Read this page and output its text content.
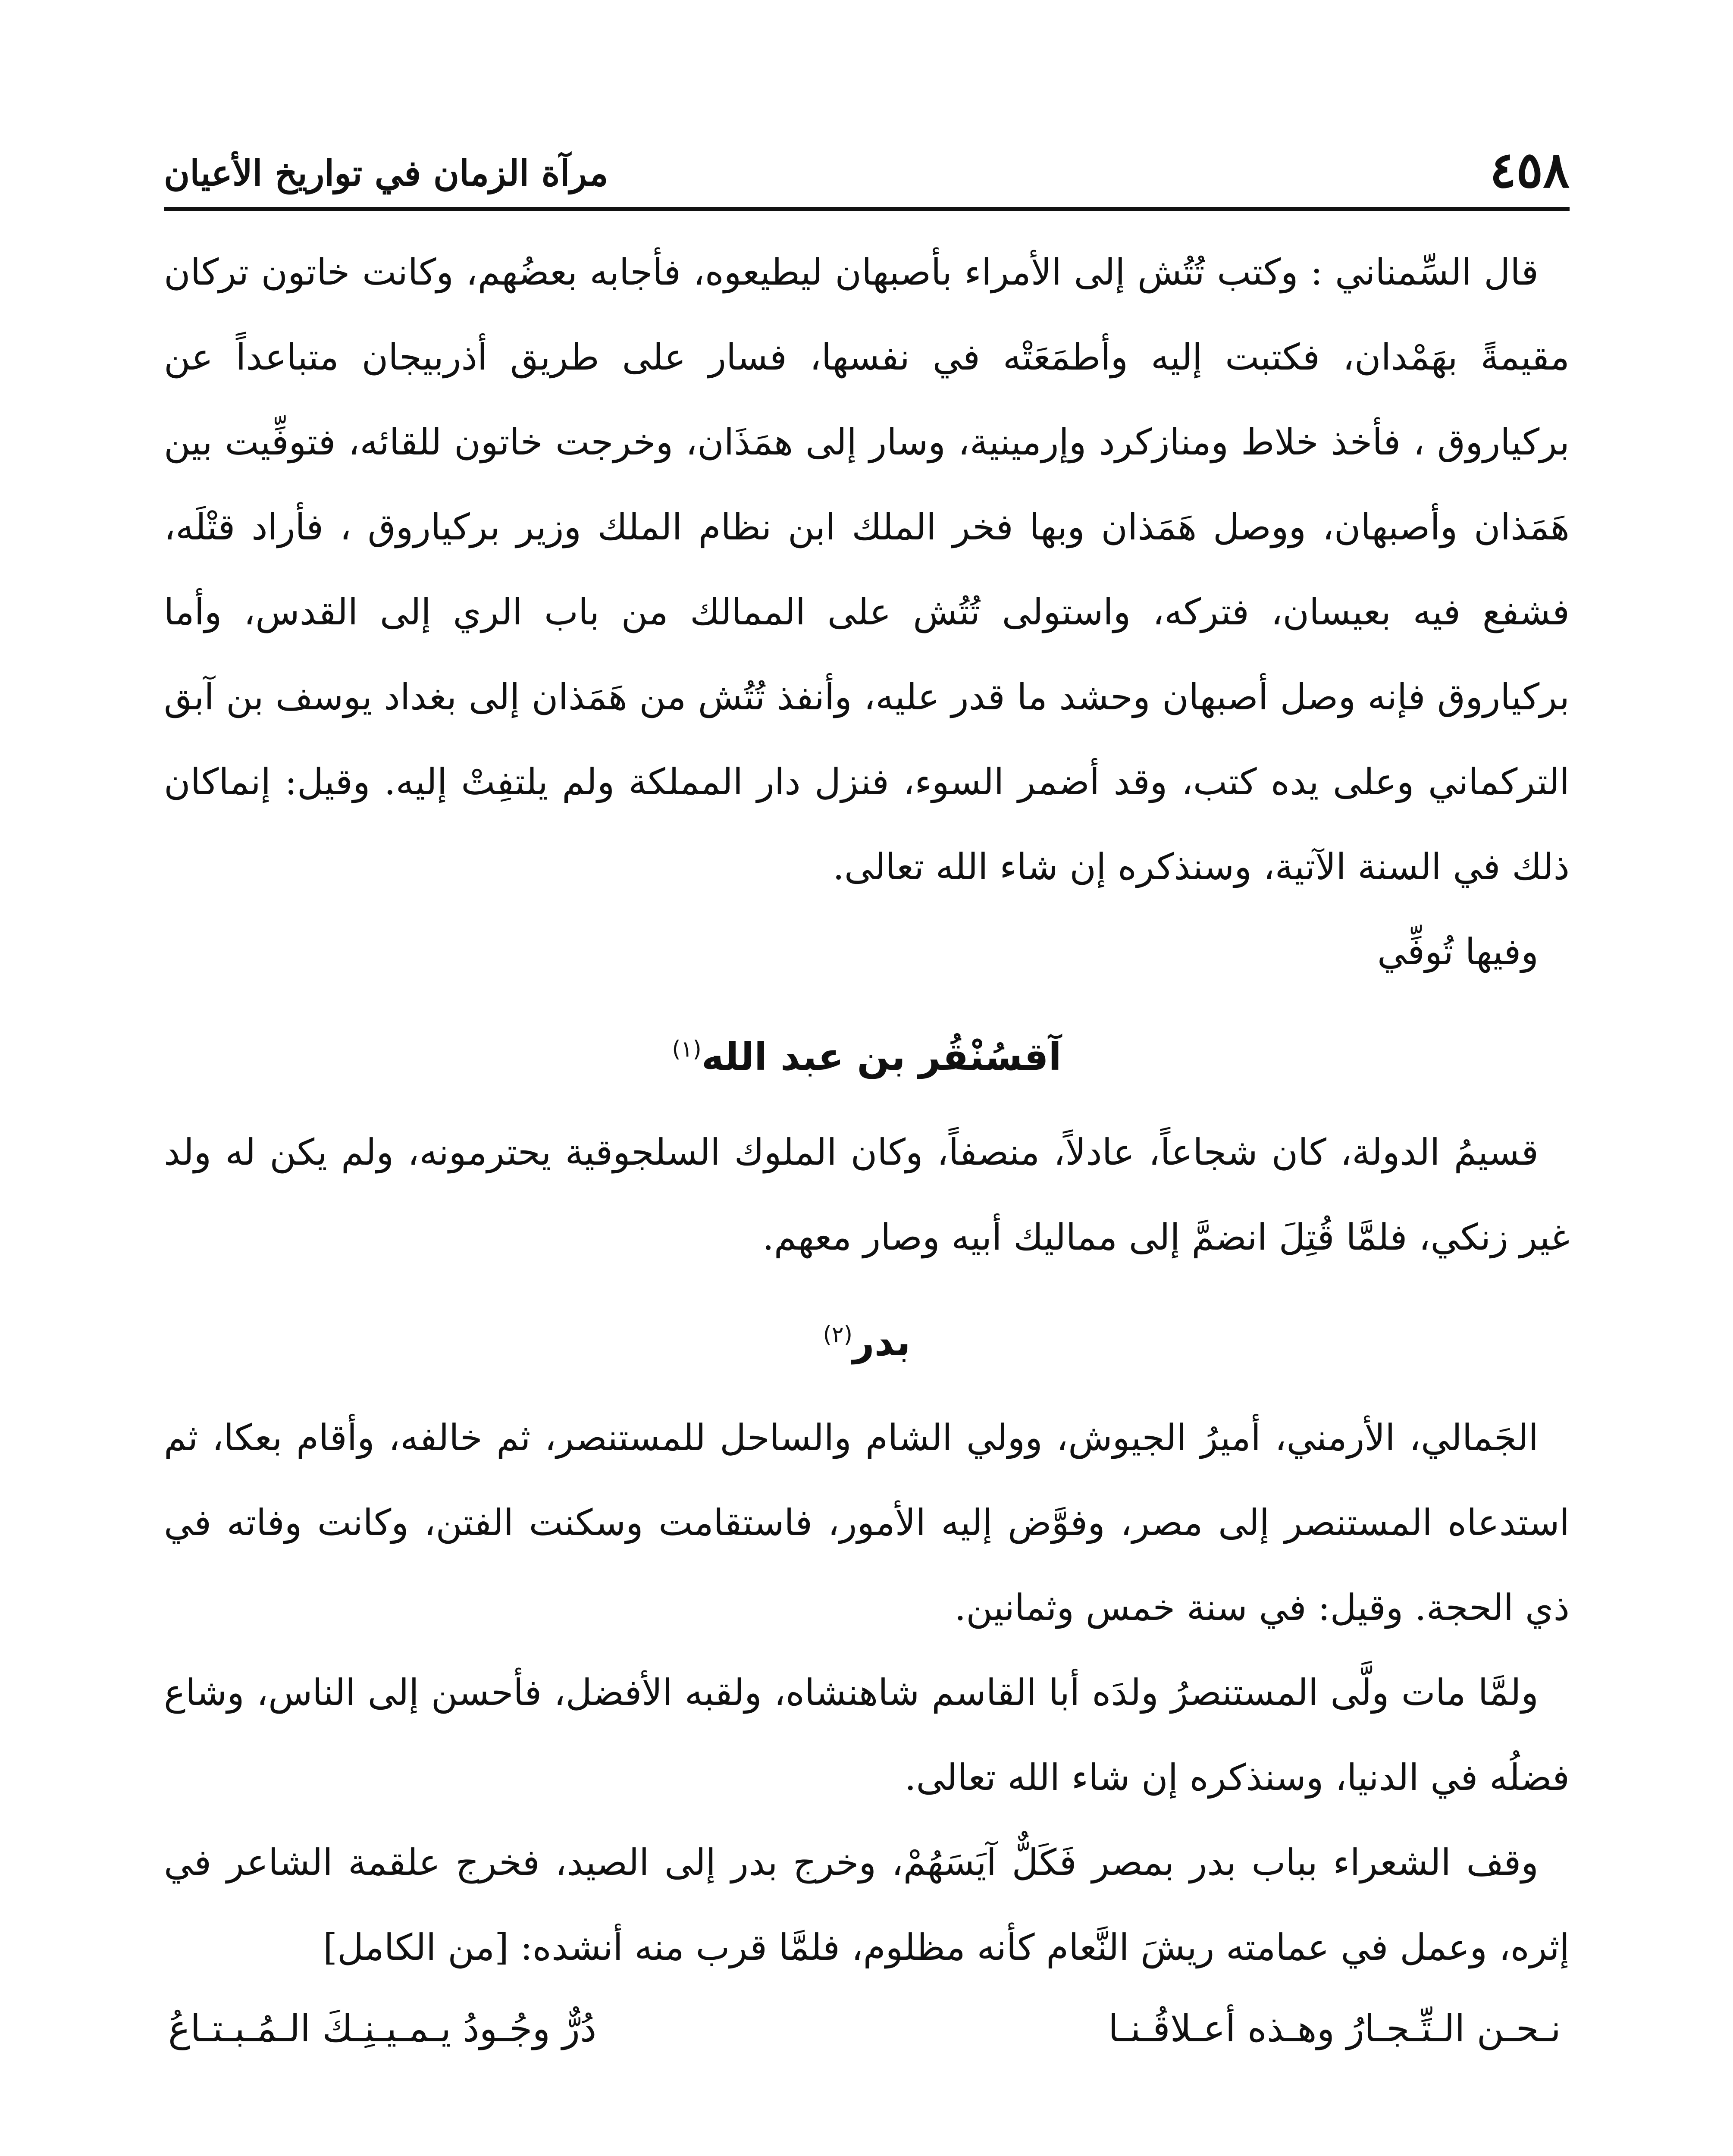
٤٥٨
مرآة الزمان في تواريخ الأعيان

قال السِّمناني : وكتب تُتُش إلى الأمراء بأصبهان ليطيعوه، فأجابه بعضُهم، وكانت خاتون تركان مقيمةً بهَمْدان، فكتبت إليه وأطمَعَتْه في نفسها، فسار على طريق أذربيجان متباعداً عن بركياروق ، فأخذ خلاط ومنازكرد وإرمينية، وسار إلى همَذَان، وخرجت خاتون للقائه، فتوفِّيت بين هَمَذان وأصبهان، ووصل هَمَذان وبها فخر الملك ابن نظام الملك وزير بركياروق ، فأراد قتْلَه، فشفع فيه بعيسان، فتركه، واستولى تُتُش على الممالك من باب الري إلى القدس، وأما بركياروق فإنه وصل أصبهان وحشد ما قدر عليه، وأنفذ تُتُش من هَمَذان إلى بغداد يوسف بن آبق التركماني وعلى يده كتب، وقد أضمر السوء، فنزل دار المملكة ولم يلتفِتْ إليه. وقيل: إنماكان ذلك في السنة الآتية، وسنذكره إن شاء الله تعالى.

وفيها تُوفِّي

آقسُنْقُر بن عبد الله$^{(١)}$

قسيمُ الدولة، كان شجاعاً، عادلاً، منصفاً، وكان الملوك السلجوقية يحترمونه، ولم يكن له ولد غير زنكي، فلمَّا قُتِلَ انضمَّ إلى مماليك أبيه وصار معهم.

بدر$^{(٢)}$

الجَمالي، الأرمني، أميرُ الجيوش، وولي الشام والساحل للمستنصر، ثم خالفه، وأقام بعكا، ثم استدعاه المستنصر إلى مصر، وفوَّض إليه الأمور، فاستقامت وسكنت الفتن، وكانت وفاته في ذي الحجة. وقيل: في سنة خمس وثمانين.

ولمَّا مات ولَّى المستنصرُ ولدَه أبا القاسم شاهنشاه، ولقبه الأفضل، فأحسن إلى الناس، وشاع فضلُه في الدنيا، وسنذكره إن شاء الله تعالى.

وقف الشعراء بباب بدر بمصر فَكَلٌّ آيَسَهُمْ، وخرج بدر إلى الصيد، فخرج علقمة الشاعر في إثره، وعمل في عمامته ريشَ النَّعام كأنه مظلوم، فلمَّا قرب منه أنشده: [من الكامل]

نـحـن الـتِّـجـارُ وهـذه أعـلاقُـنـا
دُرٌّ وجُـودُ يـمـيـنِـكَ الـمُـبـتـاعُ
